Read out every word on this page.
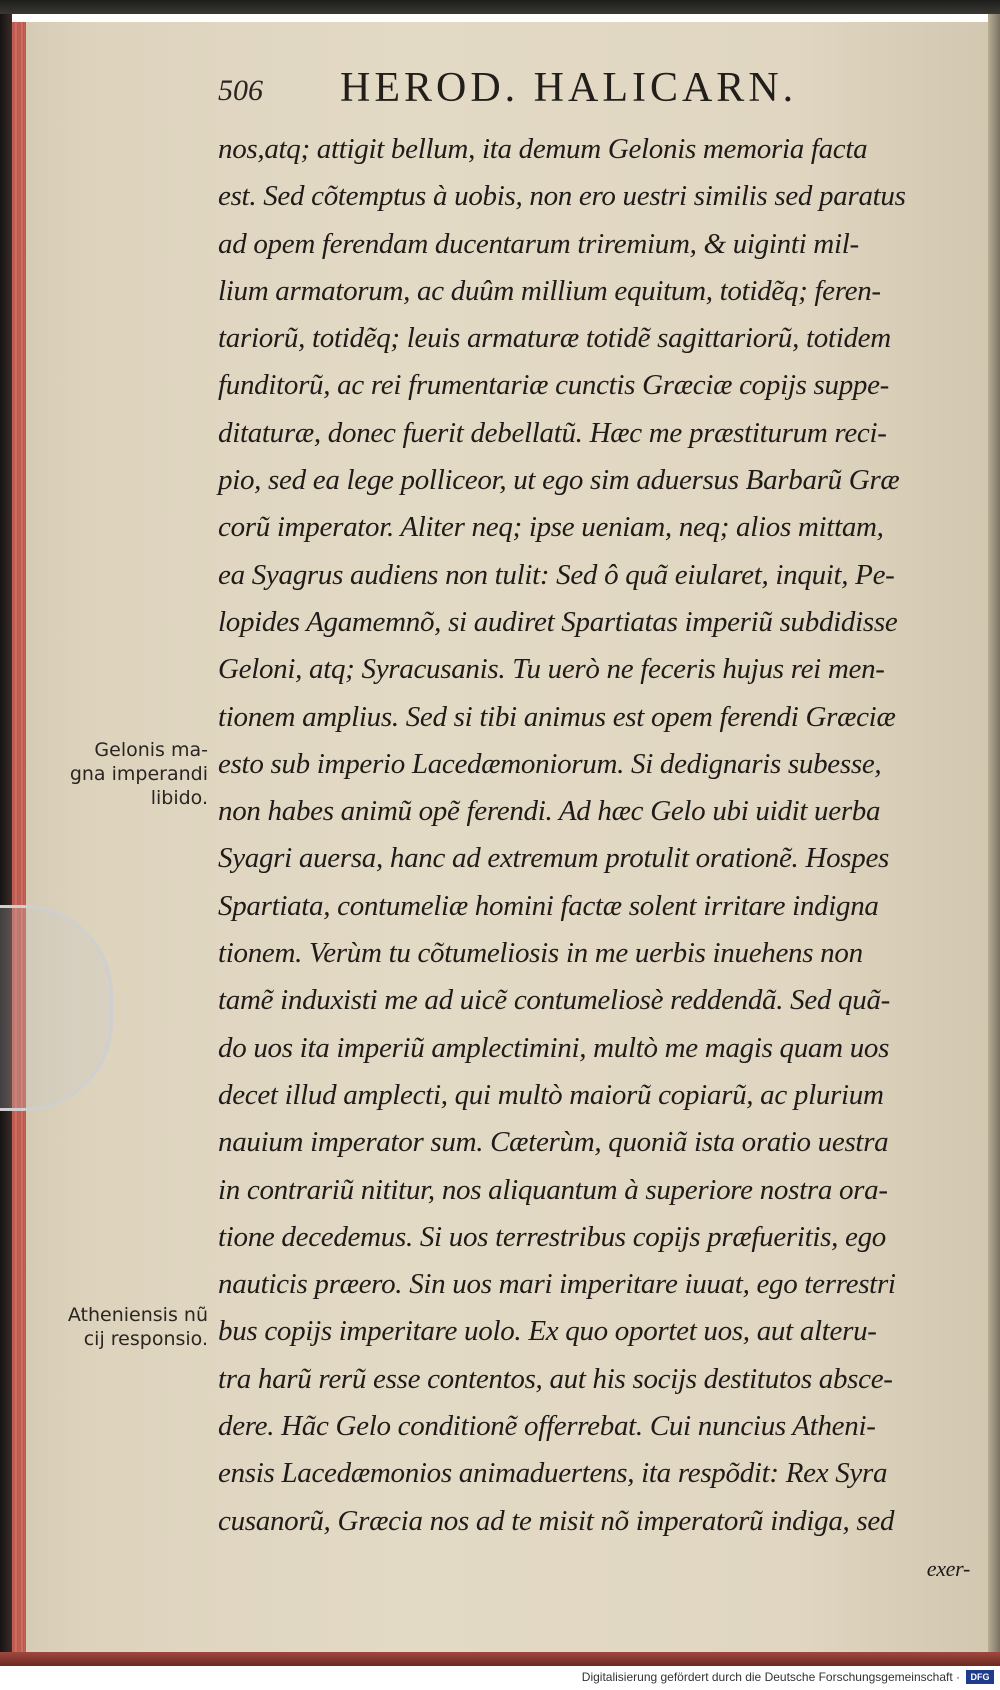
506 HEROD. HALICARN.
Gelonis ma-
gna imperandi
libido.
Atheniensis nũ
cij responsio.
nos,atq; attigit bellum, ita demum Gelonis memoria facta
est. Sed cõtemptus à uobis, non ero uestri similis sed paratus
ad opem ferendam ducentarum triremium, & uiginti mil-
lium armatorum, ac duûm millium equitum, totidẽq; feren-
tariorũ, totidẽq; leuis armaturæ totidẽ sagittariorũ, totidem
funditorũ, ac rei frumentariæ cunctis Græciæ copijs suppe-
ditaturæ, donec fuerit debellatũ. Hæc me præstiturum reci-
pio, sed ea lege polliceor, ut ego sim aduersus Barbarũ Græ
corũ imperator. Aliter neq; ipse ueniam, neq; alios mittam,
ea Syagrus audiens non tulit: Sed ô quã eiularet, inquit, Pe-
lopides Agamemnõ, si audiret Spartiatas imperiũ subdidisse
Geloni, atq; Syracusanis. Tu uerò ne feceris hujus rei men-
tionem amplius. Sed si tibi animus est opem ferendi Græciæ
esto sub imperio Lacedæmoniorum. Si dedignaris subesse,
non habes animũ opẽ ferendi. Ad hæc Gelo ubi uidit uerba
Syagri auersa, hanc ad extremum protulit orationẽ. Hospes
Spartiata, contumeliæ homini factæ solent irritare indigna
tionem. Verùm tu cõtumeliosis in me uerbis inuehens non
tamẽ induxisti me ad uicẽ contumeliosè reddendã. Sed quã-
do uos ita imperiũ amplectimini, multò me magis quam uos
decet illud amplecti, qui multò maiorũ copiarũ, ac plurium
nauium imperator sum. Cæterùm, quoniã ista oratio uestra
in contrariũ nititur, nos aliquantum à superiore nostra ora-
tione decedemus. Si uos terrestribus copijs præfueritis, ego
nauticis præero. Sin uos mari imperitare iuuat, ego terrestri
bus copijs imperitare uolo. Ex quo oportet uos, aut alteru-
tra harũ rerũ esse contentos, aut his socijs destitutos absce-
dere. Hãc Gelo conditionẽ offerrebat. Cui nuncius Atheni-
ensis Lacedæmonios animaduertens, ita respõdit: Rex Syra
cusanorũ, Græcia nos ad te misit nõ imperatorũ indiga, sed
exer-
Digitalisierung gefördert durch die Deutsche Forschungsgemeinschaft ·	DFG
